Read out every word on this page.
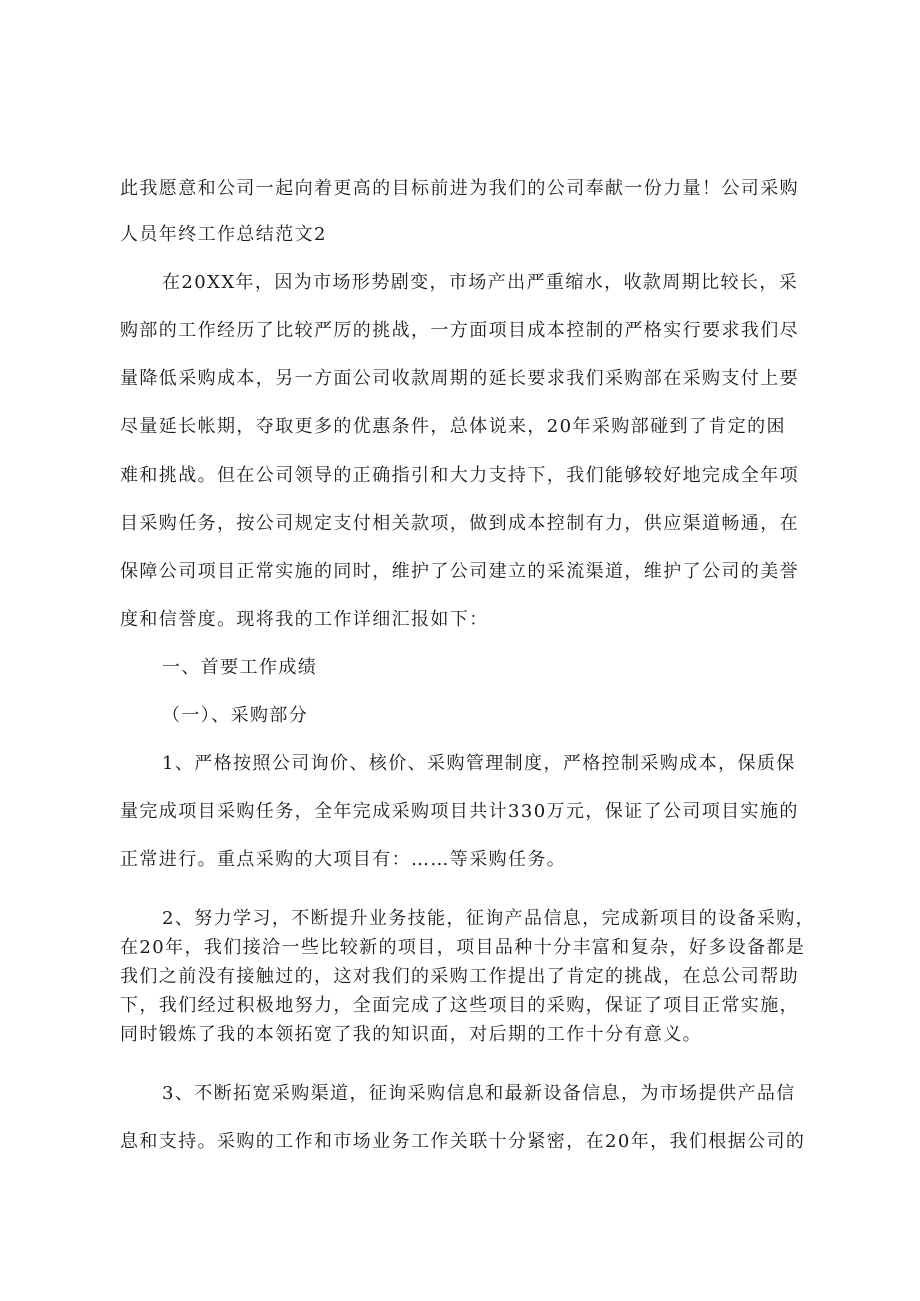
此我愿意和公司一起向着更高的目标前进为我们的公司奉献一份力量！公司采购
人员年终工作总结范文2
在20XX年，因为市场形势剧变，市场产出严重缩水，收款周期比较长，采
购部的工作经历了比较严厉的挑战，一方面项目成本控制的严格实行要求我们尽
量降低采购成本，另一方面公司收款周期的延长要求我们采购部在采购支付上要
尽量延长帐期，夺取更多的优惠条件，总体说来，20年采购部碰到了肯定的困
难和挑战。但在公司领导的正确指引和大力支持下，我们能够较好地完成全年项
目采购任务，按公司规定支付相关款项，做到成本控制有力，供应渠道畅通，在
保障公司项目正常实施的同时，维护了公司建立的采流渠道，维护了公司的美誉
度和信誉度。现将我的工作详细汇报如下：
一、首要工作成绩
（一）、采购部分
1、严格按照公司询价、核价、采购管理制度，严格控制采购成本，保质保
量完成项目采购任务，全年完成采购项目共计330万元，保证了公司项目实施的
正常进行。重点采购的大项目有：……等采购任务。
2、努力学习，不断提升业务技能，征询产品信息，完成新项目的设备采购，
在20年，我们接洽一些比较新的项目，项目品种十分丰富和复杂，好多设备都是
我们之前没有接触过的，这对我们的采购工作提出了肯定的挑战，在总公司帮助
下，我们经过积极地努力，全面完成了这些项目的采购，保证了项目正常实施，
同时锻炼了我的本领拓宽了我的知识面，对后期的工作十分有意义。
3、不断拓宽采购渠道，征询采购信息和最新设备信息，为市场提供产品信
息和支持。采购的工作和市场业务工作关联十分紧密，在20年，我们根据公司的
